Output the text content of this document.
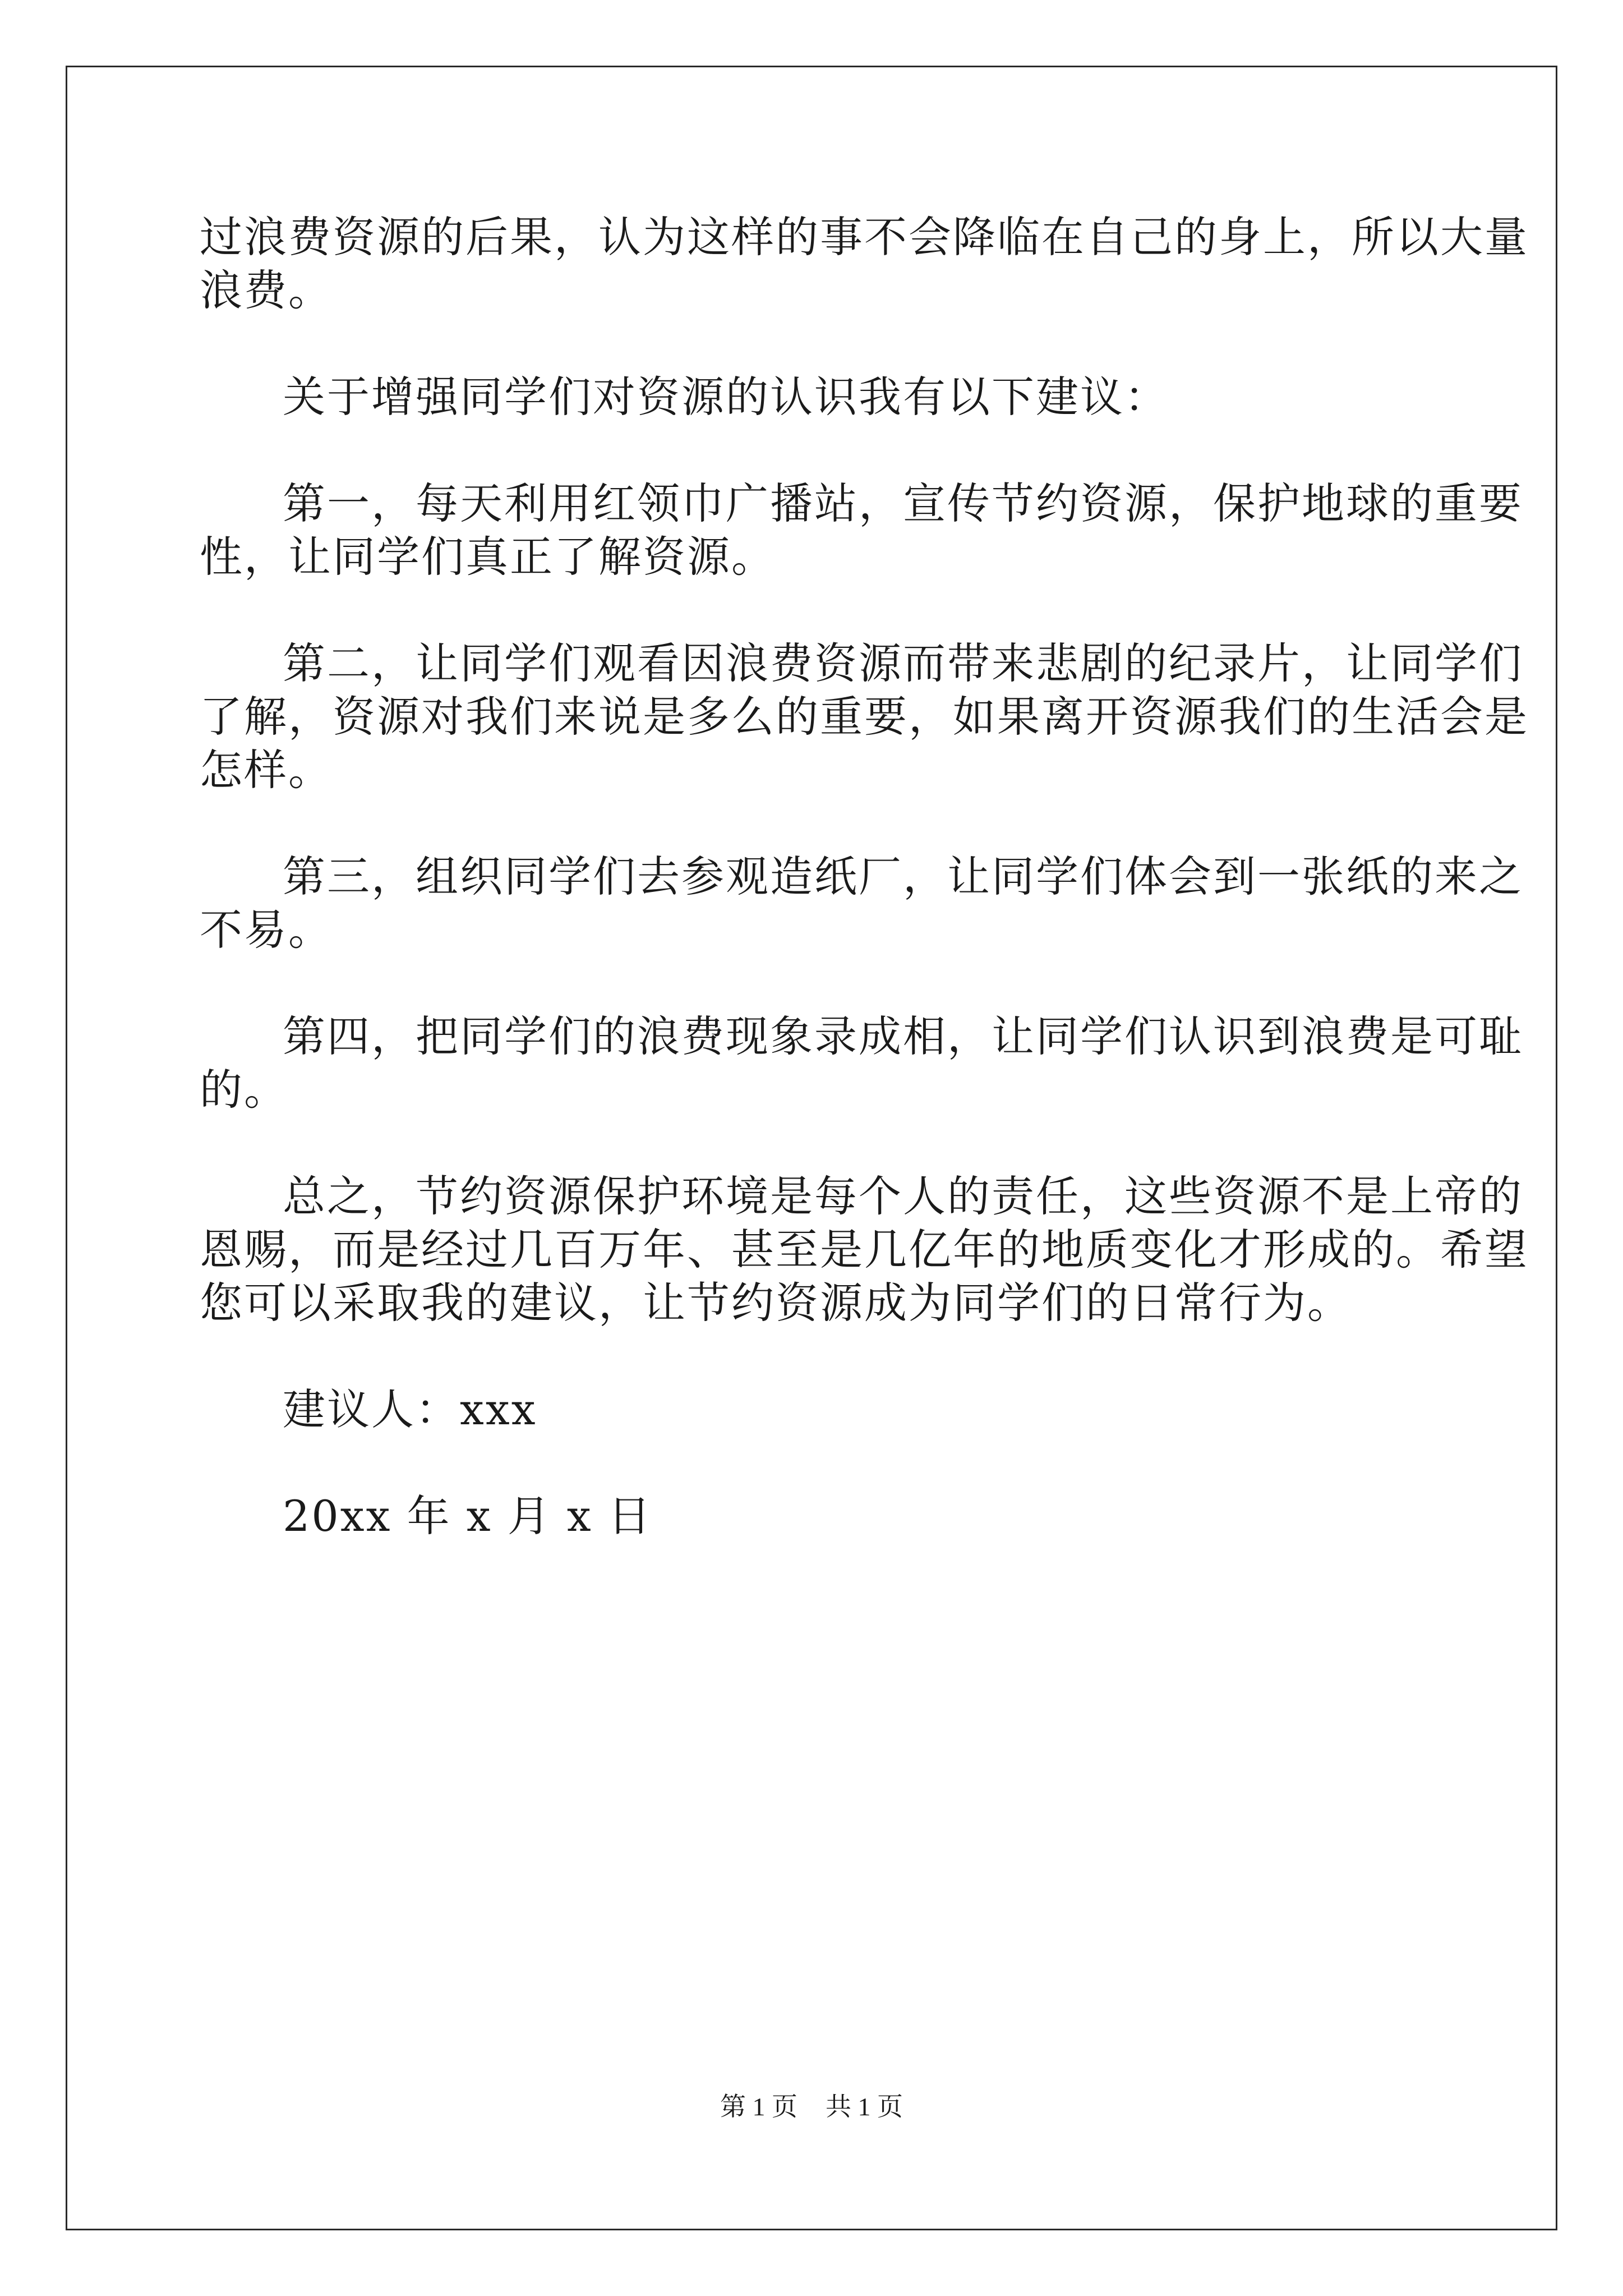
过浪费资源的后果，认为这样的事不会降临在自己的身上，所以大量
浪费。
关于增强同学们对资源的认识我有以下建议：
第一，每天利用红领巾广播站，宣传节约资源，保护地球的重要
性，让同学们真正了解资源。
第二，让同学们观看因浪费资源而带来悲剧的纪录片，让同学们
了解，资源对我们来说是多么的重要，如果离开资源我们的生活会是
怎样。
第三，组织同学们去参观造纸厂，让同学们体会到一张纸的来之
不易。
第四，把同学们的浪费现象录成相，让同学们认识到浪费是可耻
的。
总之，节约资源保护环境是每个人的责任，这些资源不是上帝的
恩赐，而是经过几百万年、甚至是几亿年的地质变化才形成的。希望
您可以采取我的建议，让节约资源成为同学们的日常行为。
建议人：xxx
20xx 年 x 月 x 日
第 1 页 共 1 页
